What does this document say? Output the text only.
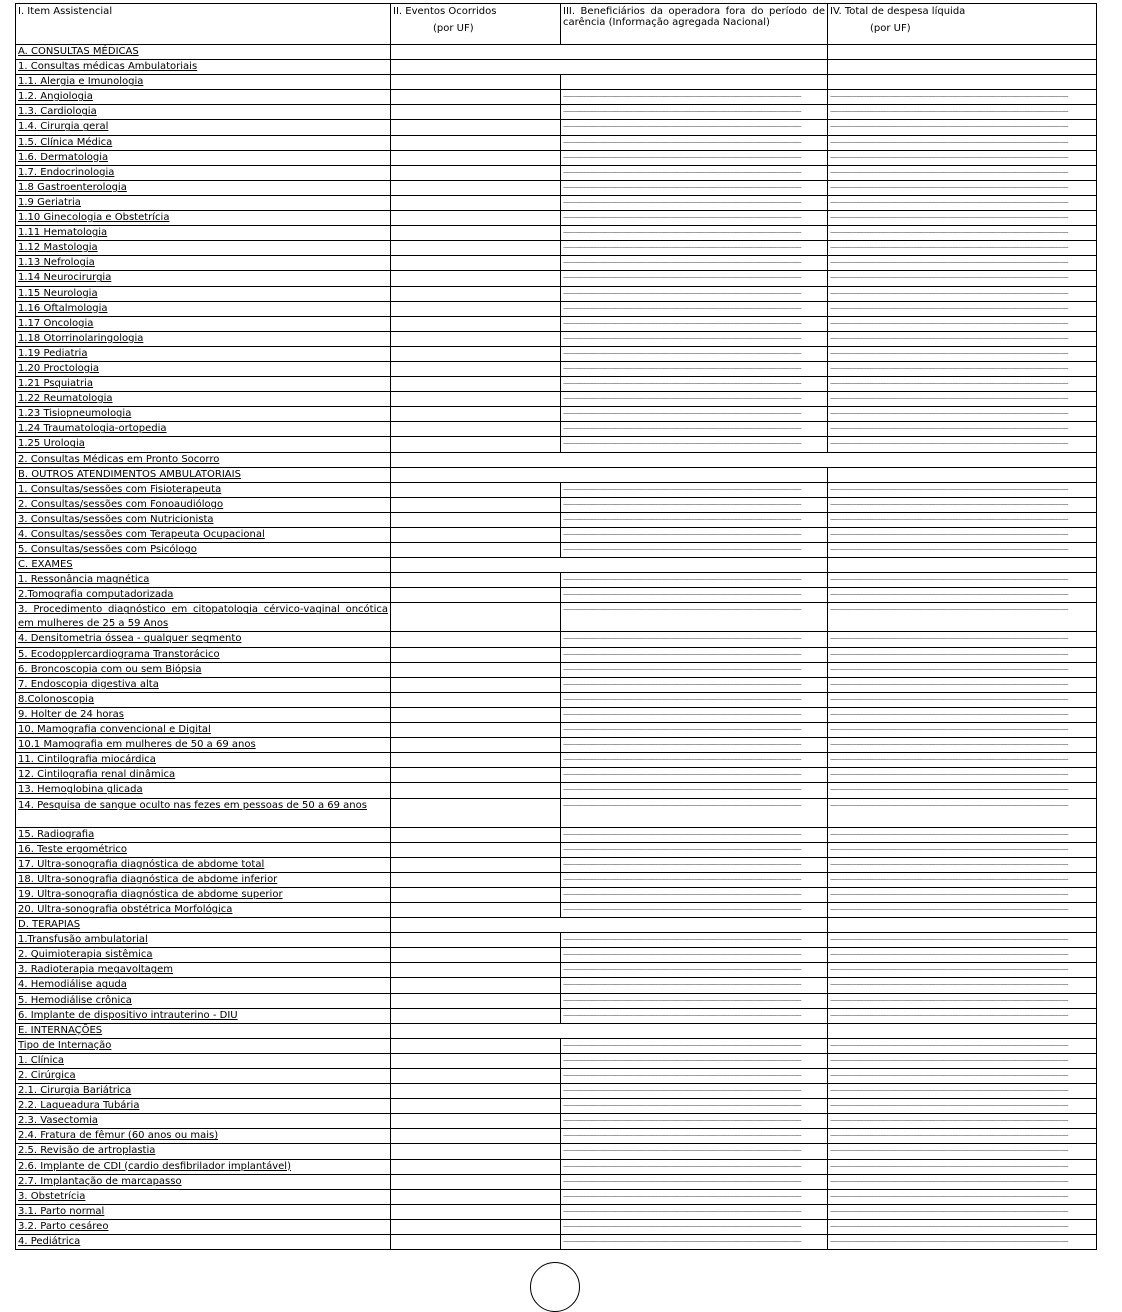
I. Item Assistencial	II. Eventos Ocorridos
(por UF)	III. Beneficiários da operadora fora do período de carência (Informação agregada Nacional)	IV. Total de despesa líquida
(por UF)

A. CONSULTAS MÉDICAS			
1. Consultas médicas Ambulatoriais			
1.1. Alergia e Imunologia			
1.2. Angiologia		--------------------------------------------------------------------------------------------------------------------------------------------------------	--------------------------------------------------------------------------------------------------------------------------------------------------------
1.3. Cardiologia		--------------------------------------------------------------------------------------------------------------------------------------------------------	--------------------------------------------------------------------------------------------------------------------------------------------------------
1.4. Cirurgia geral		--------------------------------------------------------------------------------------------------------------------------------------------------------	--------------------------------------------------------------------------------------------------------------------------------------------------------
1.5. Clínica Médica		--------------------------------------------------------------------------------------------------------------------------------------------------------	--------------------------------------------------------------------------------------------------------------------------------------------------------
1.6. Dermatologia		--------------------------------------------------------------------------------------------------------------------------------------------------------	--------------------------------------------------------------------------------------------------------------------------------------------------------
1.7. Endocrinologia		--------------------------------------------------------------------------------------------------------------------------------------------------------	--------------------------------------------------------------------------------------------------------------------------------------------------------
1.8 Gastroenterologia		--------------------------------------------------------------------------------------------------------------------------------------------------------	--------------------------------------------------------------------------------------------------------------------------------------------------------
1.9 Geriatria		--------------------------------------------------------------------------------------------------------------------------------------------------------	--------------------------------------------------------------------------------------------------------------------------------------------------------
1.10 Ginecologia e Obstetrícia		--------------------------------------------------------------------------------------------------------------------------------------------------------	--------------------------------------------------------------------------------------------------------------------------------------------------------
1.11 Hematologia		--------------------------------------------------------------------------------------------------------------------------------------------------------	--------------------------------------------------------------------------------------------------------------------------------------------------------
1.12 Mastologia		--------------------------------------------------------------------------------------------------------------------------------------------------------	--------------------------------------------------------------------------------------------------------------------------------------------------------
1.13 Nefrologia		--------------------------------------------------------------------------------------------------------------------------------------------------------	--------------------------------------------------------------------------------------------------------------------------------------------------------
1.14 Neurocirurgia		--------------------------------------------------------------------------------------------------------------------------------------------------------	--------------------------------------------------------------------------------------------------------------------------------------------------------
1.15 Neurologia		--------------------------------------------------------------------------------------------------------------------------------------------------------	--------------------------------------------------------------------------------------------------------------------------------------------------------
1.16 Oftalmologia		--------------------------------------------------------------------------------------------------------------------------------------------------------	--------------------------------------------------------------------------------------------------------------------------------------------------------
1.17 Oncologia		--------------------------------------------------------------------------------------------------------------------------------------------------------	--------------------------------------------------------------------------------------------------------------------------------------------------------
1.18 Otorrinolaringologia		--------------------------------------------------------------------------------------------------------------------------------------------------------	--------------------------------------------------------------------------------------------------------------------------------------------------------
1.19 Pediatria		--------------------------------------------------------------------------------------------------------------------------------------------------------	--------------------------------------------------------------------------------------------------------------------------------------------------------
1.20 Proctologia		--------------------------------------------------------------------------------------------------------------------------------------------------------	--------------------------------------------------------------------------------------------------------------------------------------------------------
1.21 Psquiatria		--------------------------------------------------------------------------------------------------------------------------------------------------------	--------------------------------------------------------------------------------------------------------------------------------------------------------
1.22 Reumatologia		--------------------------------------------------------------------------------------------------------------------------------------------------------	--------------------------------------------------------------------------------------------------------------------------------------------------------
1.23 Tisiopneumologia		--------------------------------------------------------------------------------------------------------------------------------------------------------	--------------------------------------------------------------------------------------------------------------------------------------------------------
1.24 Traumatologia-ortopedia		--------------------------------------------------------------------------------------------------------------------------------------------------------	--------------------------------------------------------------------------------------------------------------------------------------------------------
1.25 Urologia		--------------------------------------------------------------------------------------------------------------------------------------------------------	--------------------------------------------------------------------------------------------------------------------------------------------------------
2. Consultas Médicas em Pronto Socorro			
B. OUTROS ATENDIMENTOS AMBULATORIAIS			
1. Consultas/sessões com Fisioterapeuta		--------------------------------------------------------------------------------------------------------------------------------------------------------	--------------------------------------------------------------------------------------------------------------------------------------------------------
2. Consultas/sessões com Fonoaudiólogo		--------------------------------------------------------------------------------------------------------------------------------------------------------	--------------------------------------------------------------------------------------------------------------------------------------------------------
3. Consultas/sessões com Nutricionista		--------------------------------------------------------------------------------------------------------------------------------------------------------	--------------------------------------------------------------------------------------------------------------------------------------------------------
4. Consultas/sessões com Terapeuta Ocupacional		--------------------------------------------------------------------------------------------------------------------------------------------------------	--------------------------------------------------------------------------------------------------------------------------------------------------------
5. Consultas/sessões com Psicólogo		--------------------------------------------------------------------------------------------------------------------------------------------------------	--------------------------------------------------------------------------------------------------------------------------------------------------------
C. EXAMES			
1. Ressonância magnética		--------------------------------------------------------------------------------------------------------------------------------------------------------	--------------------------------------------------------------------------------------------------------------------------------------------------------
2.Tomografia computadorizada		--------------------------------------------------------------------------------------------------------------------------------------------------------	--------------------------------------------------------------------------------------------------------------------------------------------------------
3. Procedimento diagnóstico em citopatologia cérvico-vaginal oncótica em mulheres de 25 a 59 Anos		--------------------------------------------------------------------------------------------------------------------------------------------------------	--------------------------------------------------------------------------------------------------------------------------------------------------------
4. Densitometria óssea - qualquer segmento		--------------------------------------------------------------------------------------------------------------------------------------------------------	--------------------------------------------------------------------------------------------------------------------------------------------------------
5. Ecodopplercardiograma Transtorácico		--------------------------------------------------------------------------------------------------------------------------------------------------------	--------------------------------------------------------------------------------------------------------------------------------------------------------
6. Broncoscopia com ou sem Biópsia		--------------------------------------------------------------------------------------------------------------------------------------------------------	--------------------------------------------------------------------------------------------------------------------------------------------------------
7. Endoscopia digestiva alta		--------------------------------------------------------------------------------------------------------------------------------------------------------	--------------------------------------------------------------------------------------------------------------------------------------------------------
8.Colonoscopia		--------------------------------------------------------------------------------------------------------------------------------------------------------	--------------------------------------------------------------------------------------------------------------------------------------------------------
9. Holter de 24 horas		--------------------------------------------------------------------------------------------------------------------------------------------------------	--------------------------------------------------------------------------------------------------------------------------------------------------------
10. Mamografia convencional e Digital		--------------------------------------------------------------------------------------------------------------------------------------------------------	--------------------------------------------------------------------------------------------------------------------------------------------------------
10.1 Mamografia em mulheres de 50 a 69 anos		--------------------------------------------------------------------------------------------------------------------------------------------------------	--------------------------------------------------------------------------------------------------------------------------------------------------------
11. Cintilografia miocárdica		--------------------------------------------------------------------------------------------------------------------------------------------------------	--------------------------------------------------------------------------------------------------------------------------------------------------------
12. Cintilografia renal dinâmica		--------------------------------------------------------------------------------------------------------------------------------------------------------	--------------------------------------------------------------------------------------------------------------------------------------------------------
13. Hemoglobina glicada		--------------------------------------------------------------------------------------------------------------------------------------------------------	--------------------------------------------------------------------------------------------------------------------------------------------------------
14. Pesquisa de sangue oculto nas fezes em pessoas de 50 a 69 anos		--------------------------------------------------------------------------------------------------------------------------------------------------------	--------------------------------------------------------------------------------------------------------------------------------------------------------
15. Radiografia		--------------------------------------------------------------------------------------------------------------------------------------------------------	--------------------------------------------------------------------------------------------------------------------------------------------------------
16. Teste ergométrico		--------------------------------------------------------------------------------------------------------------------------------------------------------	--------------------------------------------------------------------------------------------------------------------------------------------------------
17. Ultra-sonografia diagnóstica de abdome total		--------------------------------------------------------------------------------------------------------------------------------------------------------	--------------------------------------------------------------------------------------------------------------------------------------------------------
18. Ultra-sonografia diagnóstica de abdome inferior		--------------------------------------------------------------------------------------------------------------------------------------------------------	--------------------------------------------------------------------------------------------------------------------------------------------------------
19. Ultra-sonografia diagnóstica de abdome superior		--------------------------------------------------------------------------------------------------------------------------------------------------------	--------------------------------------------------------------------------------------------------------------------------------------------------------
20. Ultra-sonografia obstétrica Morfológica		--------------------------------------------------------------------------------------------------------------------------------------------------------	--------------------------------------------------------------------------------------------------------------------------------------------------------
D. TERAPIAS			
1.Transfusão ambulatorial		--------------------------------------------------------------------------------------------------------------------------------------------------------	--------------------------------------------------------------------------------------------------------------------------------------------------------
2. Quimioterapia sistêmica		--------------------------------------------------------------------------------------------------------------------------------------------------------	--------------------------------------------------------------------------------------------------------------------------------------------------------
3. Radioterapia megavoltagem		--------------------------------------------------------------------------------------------------------------------------------------------------------	--------------------------------------------------------------------------------------------------------------------------------------------------------
4. Hemodiálise aguda		--------------------------------------------------------------------------------------------------------------------------------------------------------	--------------------------------------------------------------------------------------------------------------------------------------------------------
5. Hemodiálise crônica		--------------------------------------------------------------------------------------------------------------------------------------------------------	--------------------------------------------------------------------------------------------------------------------------------------------------------
6. Implante de dispositivo intrauterino - DIU		--------------------------------------------------------------------------------------------------------------------------------------------------------	--------------------------------------------------------------------------------------------------------------------------------------------------------
E. INTERNAÇÕES			
Tipo de Internação		--------------------------------------------------------------------------------------------------------------------------------------------------------	--------------------------------------------------------------------------------------------------------------------------------------------------------
1. Clínica		--------------------------------------------------------------------------------------------------------------------------------------------------------	--------------------------------------------------------------------------------------------------------------------------------------------------------
2. Cirúrgica		--------------------------------------------------------------------------------------------------------------------------------------------------------	--------------------------------------------------------------------------------------------------------------------------------------------------------
2.1. Cirurgia Bariátrica		--------------------------------------------------------------------------------------------------------------------------------------------------------	--------------------------------------------------------------------------------------------------------------------------------------------------------
2.2. Laqueadura Tubária		--------------------------------------------------------------------------------------------------------------------------------------------------------	--------------------------------------------------------------------------------------------------------------------------------------------------------
2.3. Vasectomia		--------------------------------------------------------------------------------------------------------------------------------------------------------	--------------------------------------------------------------------------------------------------------------------------------------------------------
2.4. Fratura de fêmur (60 anos ou mais)		--------------------------------------------------------------------------------------------------------------------------------------------------------	--------------------------------------------------------------------------------------------------------------------------------------------------------
2.5. Revisão de artroplastia		--------------------------------------------------------------------------------------------------------------------------------------------------------	--------------------------------------------------------------------------------------------------------------------------------------------------------
2.6. Implante de CDI (cardio desfibrilador implantável)		--------------------------------------------------------------------------------------------------------------------------------------------------------	--------------------------------------------------------------------------------------------------------------------------------------------------------
2.7. Implantação de marcapasso		--------------------------------------------------------------------------------------------------------------------------------------------------------	--------------------------------------------------------------------------------------------------------------------------------------------------------
3. Obstetrícia		--------------------------------------------------------------------------------------------------------------------------------------------------------	--------------------------------------------------------------------------------------------------------------------------------------------------------
3.1. Parto normal		--------------------------------------------------------------------------------------------------------------------------------------------------------	--------------------------------------------------------------------------------------------------------------------------------------------------------
3.2. Parto cesáreo		--------------------------------------------------------------------------------------------------------------------------------------------------------	--------------------------------------------------------------------------------------------------------------------------------------------------------
4. Pediátrica		--------------------------------------------------------------------------------------------------------------------------------------------------------	--------------------------------------------------------------------------------------------------------------------------------------------------------
